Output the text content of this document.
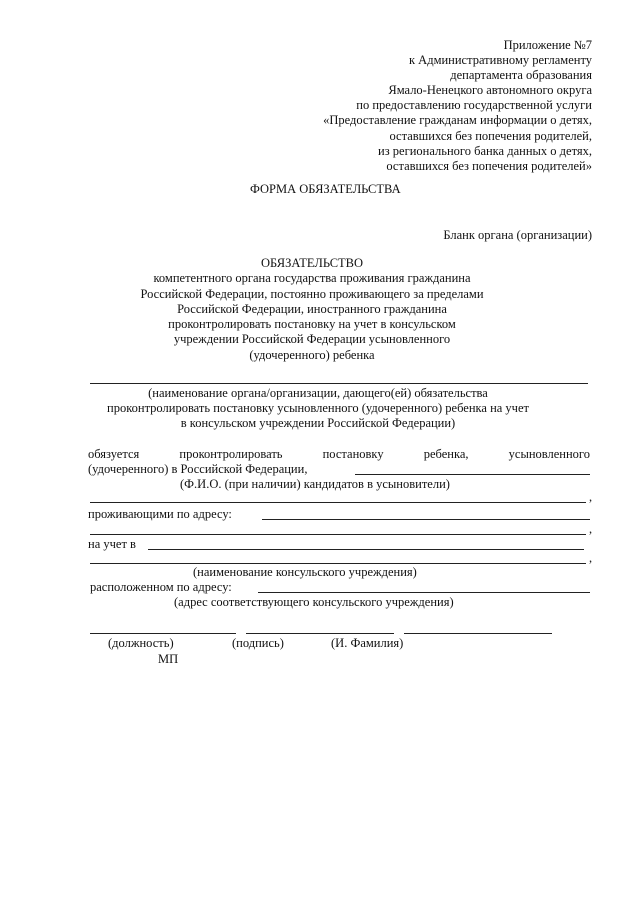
Приложение №7
к Административному регламенту
департамента образования
Ямало-Ненецкого автономного округа
по предоставлению государственной услуги
«Предоставление гражданам информации о детях,
оставшихся без попечения родителей,
из регионального банка данных о детях,
оставшихся без попечения родителей»
ФОРМА ОБЯЗАТЕЛЬСТВА
Бланк органа (организации)
ОБЯЗАТЕЛЬСТВО
компетентного органа государства проживания гражданина
Российской Федерации, постоянно проживающего за пределами
Российской Федерации, иностранного гражданина
проконтролировать постановку на учет в консульском
учреждении Российской Федерации усыновленного
(удочеренного) ребенка
(наименование органа/организации, дающего(ей) обязательства
проконтролировать постановку усыновленного (удочеренного) ребенка на учет
в консульском учреждении Российской Федерации)
обязуется проконтролировать постановку ребенка, усыновленного
(удочеренного) в Российской Федерации,
(Ф.И.О. (при наличии) кандидатов в усыновители)
,
проживающими по адресу:
,
на учет в
,
(наименование консульского учреждения)
расположенном по адресу:
(адрес соответствующего консульского учреждения)
(должность)	(подпись)	(И. Фамилия)
МП
